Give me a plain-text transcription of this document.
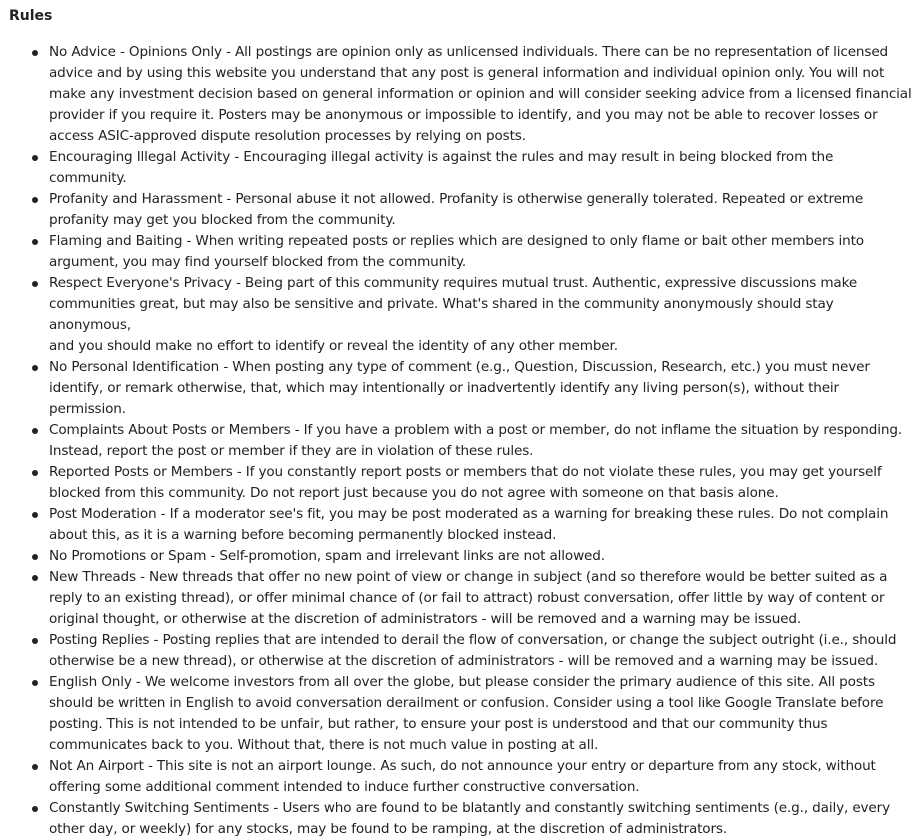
Rules
No Advice - Opinions Only - All postings are opinion only as unlicensed individuals. There can be no representation of licensed
advice and by using this website you understand that any post is general information and individual opinion only. You will not
make any investment decision based on general information or opinion and will consider seeking advice from a licensed financial
provider if you require it. Posters may be anonymous or impossible to identify, and you may not be able to recover losses or
access ASIC-approved dispute resolution processes by relying on posts.
Encouraging Illegal Activity - Encouraging illegal activity is against the rules and may result in being blocked from the community.
Profanity and Harassment - Personal abuse it not allowed. Profanity is otherwise generally tolerated. Repeated or extreme
profanity may get you blocked from the community.
Flaming and Baiting - When writing repeated posts or replies which are designed to only flame or bait other members into
argument, you may find yourself blocked from the community.
Respect Everyone's Privacy - Being part of this community requires mutual trust. Authentic, expressive discussions make
communities great, but may also be sensitive and private. What's shared in the community anonymously should stay anonymous,
and you should make no effort to identify or reveal the identity of any other member.
No Personal Identification - When posting any type of comment (e.g., Question, Discussion, Research, etc.) you must never
identify, or remark otherwise, that, which may intentionally or inadvertently identify any living person(s), without their permission.
Complaints About Posts or Members - If you have a problem with a post or member, do not inflame the situation by responding.
Instead, report the post or member if they are in violation of these rules.
Reported Posts or Members - If you constantly report posts or members that do not violate these rules, you may get yourself
blocked from this community. Do not report just because you do not agree with someone on that basis alone.
Post Moderation - If a moderator see's fit, you may be post moderated as a warning for breaking these rules. Do not complain
about this, as it is a warning before becoming permanently blocked instead.
No Promotions or Spam - Self-promotion, spam and irrelevant links are not allowed.
New Threads - New threads that offer no new point of view or change in subject (and so therefore would be better suited as a
reply to an existing thread), or offer minimal chance of (or fail to attract) robust conversation, offer little by way of content or
original thought, or otherwise at the discretion of administrators - will be removed and a warning may be issued.
Posting Replies - Posting replies that are intended to derail the flow of conversation, or change the subject outright (i.e., should
otherwise be a new thread), or otherwise at the discretion of administrators - will be removed and a warning may be issued.
English Only - We welcome investors from all over the globe, but please consider the primary audience of this site. All posts
should be written in English to avoid conversation derailment or confusion. Consider using a tool like Google Translate before
posting. This is not intended to be unfair, but rather, to ensure your post is understood and that our community thus
communicates back to you. Without that, there is not much value in posting at all.
Not An Airport - This site is not an airport lounge. As such, do not announce your entry or departure from any stock, without
offering some additional comment intended to induce further constructive conversation.
Constantly Switching Sentiments - Users who are found to be blatantly and constantly switching sentiments (e.g., daily, every
other day, or weekly) for any stocks, may be found to be ramping, at the discretion of administrators.
